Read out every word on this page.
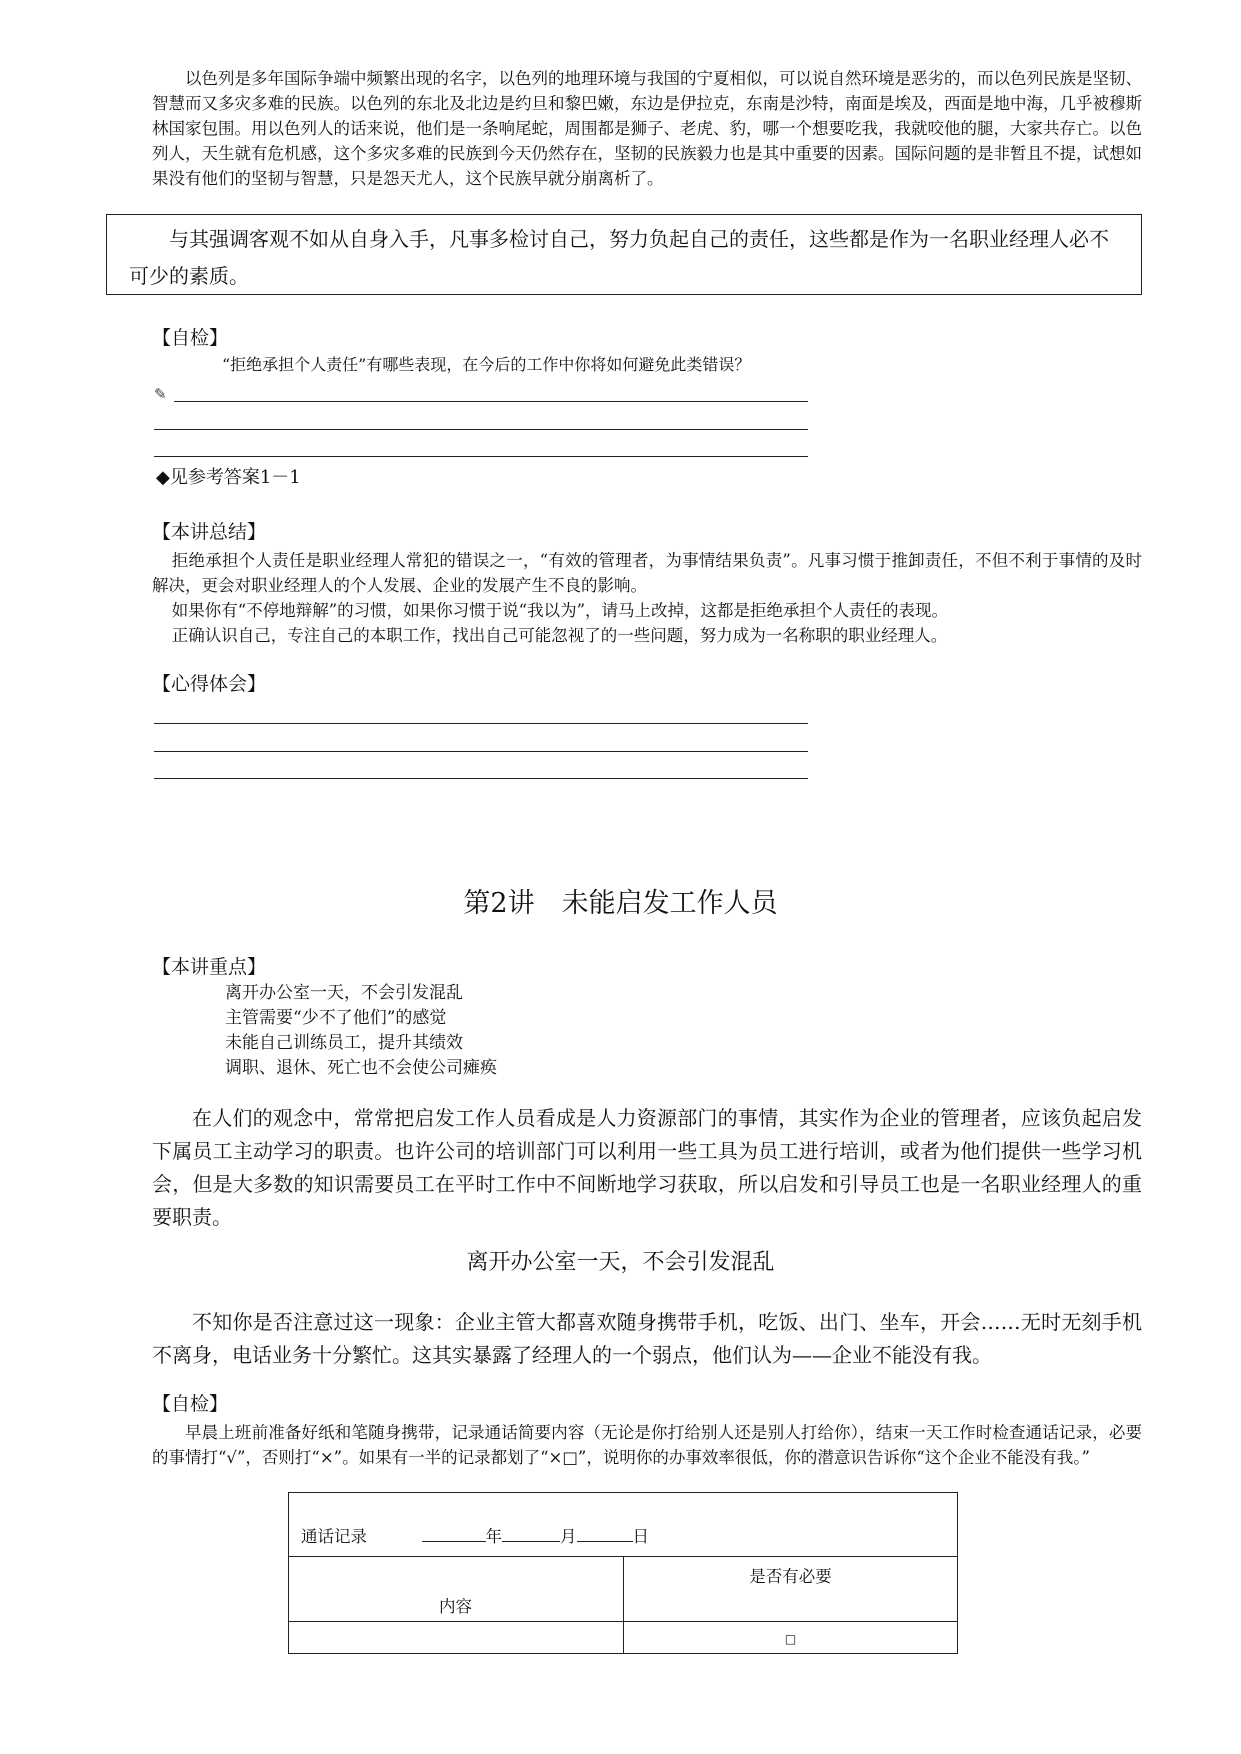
以色列是多年国际争端中频繁出现的名字，以色列的地理环境与我国的宁夏相似，可以说自然环境是恶劣的，而以色列民族是坚韧、智慧而又多灾多难的民族。以色列的东北及北边是约旦和黎巴嫩，东边是伊拉克，东南是沙特，南面是埃及，西面是地中海，几乎被穆斯林国家包围。用以色列人的话来说，他们是一条响尾蛇，周围都是狮子、老虎、豹，哪一个想要吃我，我就咬他的腿，大家共存亡。以色列人，天生就有危机感，这个多灾多难的民族到今天仍然存在，坚韧的民族毅力也是其中重要的因素。国际问题的是非暂且不提，试想如果没有他们的坚韧与智慧，只是怨天尤人，这个民族早就分崩离析了。

与其强调客观不如从自身入手，凡事多检讨自己，努力负起自己的责任，这些都是作为一名职业经理人必不可少的素质。

【自检】
“拒绝承担个人责任”有哪些表现，在今后的工作中你将如何避免此类错误？
✎
◆见参考答案1－1
【本讲总结】

拒绝承担个人责任是职业经理人常犯的错误之一，“有效的管理者，为事情结果负责”。凡事习惯于推卸责任，不但不利于事情的及时解决，更会对职业经理人的个人发展、企业的发展产生不良的影响。

如果你有“不停地辩解”的习惯，如果你习惯于说“我以为”，请马上改掉，这都是拒绝承担个人责任的表现。

正确认识自己，专注自己的本职工作，找出自己可能忽视了的一些问题，努力成为一名称职的职业经理人。

【心得体会】
第2讲　未能启发工作人员
【本讲重点】
离开办公室一天，不会引发混乱
主管需要“少不了他们”的感觉
未能自己训练员工，提升其绩效
调职、退休、死亡也不会使公司瘫痪

在人们的观念中，常常把启发工作人员看成是人力资源部门的事情，其实作为企业的管理者，应该负起启发下属员工主动学习的职责。也许公司的培训部门可以利用一些工具为员工进行培训，或者为他们提供一些学习机会，但是大多数的知识需要员工在平时工作中不间断地学习获取，所以启发和引导员工也是一名职业经理人的重要职责。

离开办公室一天，不会引发混乱

不知你是否注意过这一现象：企业主管大都喜欢随身携带手机，吃饭、出门、坐车，开会……无时无刻手机不离身，电话业务十分繁忙。这其实暴露了经理人的一个弱点，他们认为——企业不能没有我。

【自检】

早晨上班前准备好纸和笔随身携带，记录通话简要内容（无论是你打给别人还是别人打给你），结束一天工作时检查通话记录，必要的事情打“√”，否则打“×”。如果有一半的记录都划了“×□”，说明你的办事效率很低，你的潜意识告诉你“这个企业不能没有我。”

通话记录 年 月 日	

内容	是否有必要
	□
